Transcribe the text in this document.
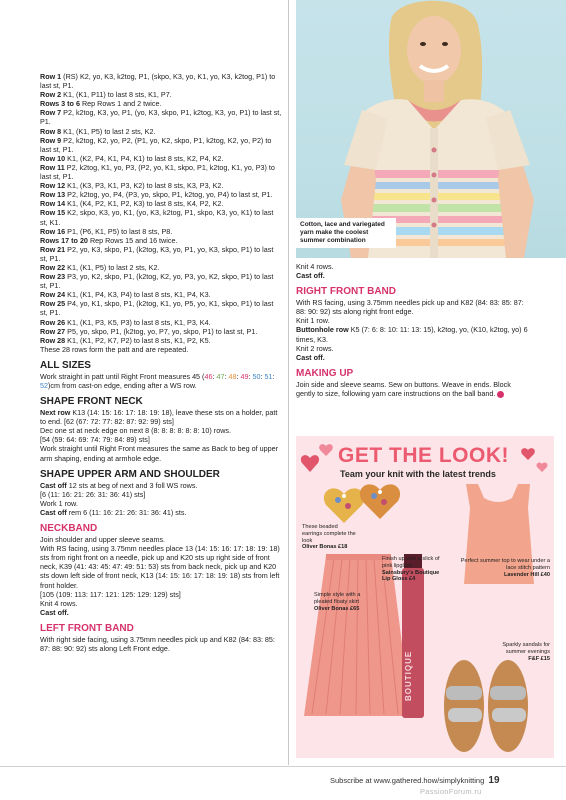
Row 1 (RS) K2, yo, K3, k2tog, P1, (skpo, K3, yo, K1, yo, K3, k2tog, P1) to last st, P1.

Row 2 K1, (K1, P11) to last 8 sts, K1, P7.

Rows 3 to 6 Rep Rows 1 and 2 twice.

Row 7 P2, k2tog, K3, yo, P1, (yo, K3, skpo, P1, k2tog, K3, yo, P1) to last st, P1.

Row 8 K1, (K1, P5) to last 2 sts, K2.

Row 9 P2, k2tog, K2, yo, P2, (P1, yo, K2, skpo, P1, k2tog, K2, yo, P2) to last st, P1.

Row 10 K1, (K2, P4, K1, P4, K1) to last 8 sts, K2, P4, K2.

Row 11 P2, k2tog, K1, yo, P3, (P2, yo, K1, skpo, P1, k2tog, K1, yo, P3) to last st, P1.

Row 12 K1, (K3, P3, K1, P3, K2) to last 8 sts, K3, P3, K2.

Row 13 P2, k2tog, yo, P4, (P3, yo, skpo, P1, k2tog, yo, P4) to last st, P1.

Row 14 K1, (K4, P2, K1, P2, K3) to last 8 sts, K4, P2, K2.

Row 15 K2, skpo, K3, yo, K1, (yo, K3, k2tog, P1, skpo, K3, yo, K1) to last st, K1.

Row 16 P1, (P6, K1, P5) to last 8 sts, P8.

Rows 17 to 20 Rep Rows 15 and 16 twice.

Row 21 P2, yo, K3, skpo, P1, (k2tog, K3, yo, P1, yo, K3, skpo, P1) to last st, P1.

Row 22 K1, (K1, P5) to last 2 sts, K2.

Row 23 P3, yo, K2, skpo, P1, (k2tog, K2, yo, P3, yo, K2, skpo, P1) to last st, P1.

Row 24 K1, (K1, P4, K3, P4) to last 8 sts, K1, P4, K3.

Row 25 P4, yo, K1, skpo, P1, (k2tog, K1, yo, P5, yo, K1, skpo, P1) to last st, P1.

Row 26 K1, (K1, P3, K5, P3) to last 8 sts, K1, P3, K4.

Row 27 P5, yo, skpo, P1, (k2tog, yo, P7, yo, skpo, P1) to last st, P1.

Row 28 K1, (K1, P2, K7, P2) to last 8 sts, K1, P2, K5.

These 28 rows form the patt and are repeated.

ALL SIZES

Work straight in patt until Right Front measures 45 (46: 47: 48: 49: 50: 51: 52)cm from cast-on edge, ending after a WS row.

SHAPE FRONT NECK

Next row K13 (14: 15: 16: 17: 18: 19: 18), leave these sts on a holder, patt to end. [62 (67: 72: 77: 82: 87: 92: 99) sts]

Dec one st at neck edge on next 8 (8: 8: 8: 8: 8: 8: 10) rows.

[54 (59: 64: 69: 74: 79: 84: 89) sts]

Work straight until Right Front measures the same as Back to beg of upper arm shaping, ending at armhole edge.

SHAPE UPPER ARM AND SHOULDER

Cast off 12 sts at beg of next and 3 foll WS rows.

[6 (11: 16: 21: 26: 31: 36: 41) sts]

Work 1 row.

Cast off rem 6 (11: 16: 21: 26: 31: 36: 41) sts.

NECKBAND

Join shoulder and upper sleeve seams.

With RS facing, using 3.75mm needles place 13 (14: 15: 16: 17: 18: 19: 18) sts from right front on a needle, pick up and K20 sts up right side of front neck, K39 (41: 43: 45: 47: 49: 51: 53) sts from back neck, pick up and K20 sts down left side of front neck, K13 (14: 15: 16: 17: 18: 19: 18) sts from left front holder.

[105 (109: 113: 117: 121: 125: 129: 129) sts]

Knit 4 rows.

Cast off.

LEFT FRONT BAND

With right side facing, using 3.75mm needles pick up and K82 (84: 83: 85: 87: 88: 90: 92) sts along Left Front edge.

Cotton, lace and variegated yarn make the coolest summer combination

Knit 4 rows.

Cast off.

RIGHT FRONT BAND

With RS facing, using 3.75mm needles pick up and K82 (84: 83: 85: 87: 88: 90: 92) sts along right front edge.

Knit 1 row.

Buttonhole row K5 (7: 6: 8: 10: 11: 13: 15), k2tog, yo, (K10, k2tog, yo) 6 times, K3.

Knit 2 rows.

Cast off.

MAKING UP

Join side and sleeve seams. Sew on buttons. Weave in ends. Block gently to size, following yarn care instructions on the ball band.

GET THE LOOK!
Team your knit with the latest trends
These beaded earrings complete the look
Oliver Bonas £18
Finish up with a slick of pink lipgloss
Sainsbury's Boutique Lip Gloss £4
Perfect summer top to wear under a lace stitch pattern
Lavender Hill £40
Simple style with a pleated floaty skirt
Oliver Bonas £65
Sparkly sandals for summer evenings
F&F £15
BOUTIQUE
Subscribe at www.gathered.how/simplyknitting 19
PassionForum.ru
